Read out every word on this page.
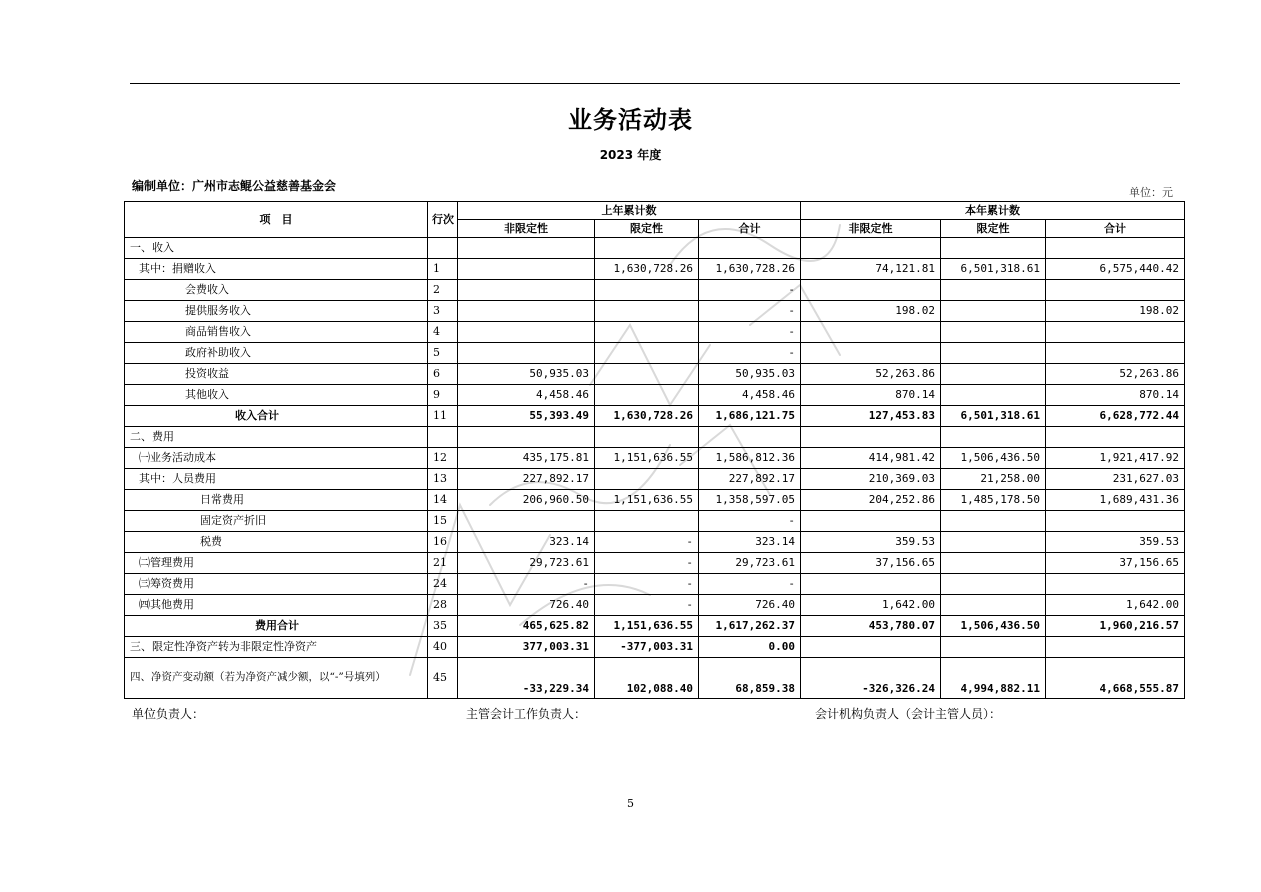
业务活动表
2023 年度
编制单位：广州市志鲲公益慈善基金会	单位：元
项　目	行次	上年累计数			本年累计数		
		非限定性	限定性	合计	非限定性	限定性	合计
一、收入							
其中：捐赠收入	1		1,630,728.26	1,630,728.26	74,121.81	6,501,318.61	6,575,440.42
会费收入	2			-			
提供服务收入	3			-	198.02		198.02
商品销售收入	4			-			
政府补助收入	5			-			
投资收益	6	50,935.03		50,935.03	52,263.86		52,263.86
其他收入	9	4,458.46		4,458.46	870.14		870.14
收入合计	11	55,393.49	1,630,728.26	1,686,121.75	127,453.83	6,501,318.61	6,628,772.44
二、费用							
㈠业务活动成本	12	435,175.81	1,151,636.55	1,586,812.36	414,981.42	1,506,436.50	1,921,417.92
其中：人员费用	13	227,892.17		227,892.17	210,369.03	21,258.00	231,627.03
日常费用	14	206,960.50	1,151,636.55	1,358,597.05	204,252.86	1,485,178.50	1,689,431.36
固定资产折旧	15			-			
税费	16	323.14	-	323.14	359.53		359.53
㈡管理费用	21	29,723.61	-	29,723.61	37,156.65		37,156.65
㈢筹资费用	24	-	-	-			
㈣其他费用	28	726.40	-	726.40	1,642.00		1,642.00
费用合计	35	465,625.82	1,151,636.55	1,617,262.37	453,780.07	1,506,436.50	1,960,216.57
三、限定性净资产转为非限定性净资产	40	377,003.31	-377,003.31	0.00			
四、净资产变动额（若为净资产减少额，以“-”号填列）	45	-33,229.34	102,088.40	68,859.38	-326,326.24	4,994,882.11	4,668,555.87
单位负责人：	主管会计工作负责人：	会计机构负责人（会计主管人员）：
5
